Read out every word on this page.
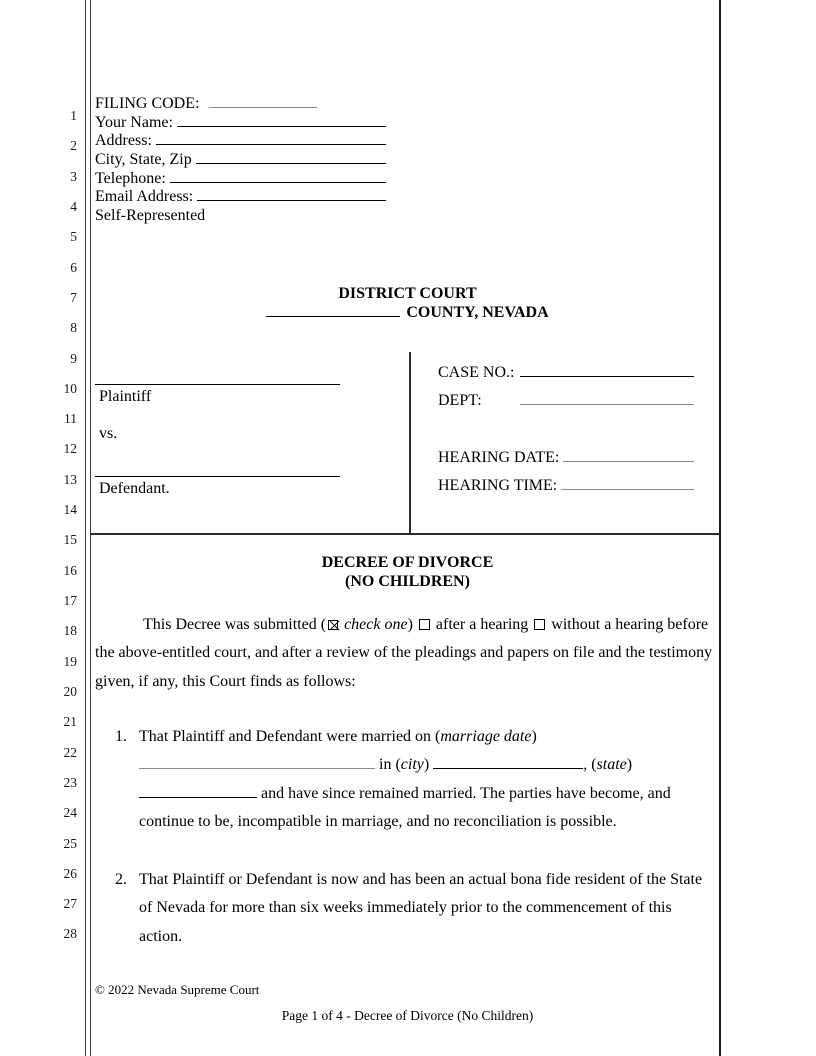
1
2
3
4
5
6
7
8
9
10
11
12
13
14
15
16
17
18
19
20
21
22
23
24
25
26
27
28
FILING CODE:
Your Name:
Address:
City, State, Zip
Telephone:
Email Address:
Self-Represented
DISTRICT COURT
COUNTY, NEVADA
Plaintiff
vs.
Defendant.
CASE NO.:
DEPT:
HEARING DATE:
HEARING TIME:
DECREE OF DIVORCE
(NO CHILDREN)
This Decree was submitted ( check one)  after a hearing  without a hearing before the above-entitled court, and after a review of the pleadings and papers on file and the testimony given, if any, this Court finds as follows:
1. That Plaintiff and Defendant were married on (marriage date)  in (city)	, (state)  and have since remained married. The parties have become, and continue to be, incompatible in marriage, and no reconciliation is possible.
2. That Plaintiff or Defendant is now and has been an actual bona fide resident of the State of Nevada for more than six weeks immediately prior to the commencement of this action.
© 2022 Nevada Supreme Court
Page 1 of 4 - Decree of Divorce (No Children)
